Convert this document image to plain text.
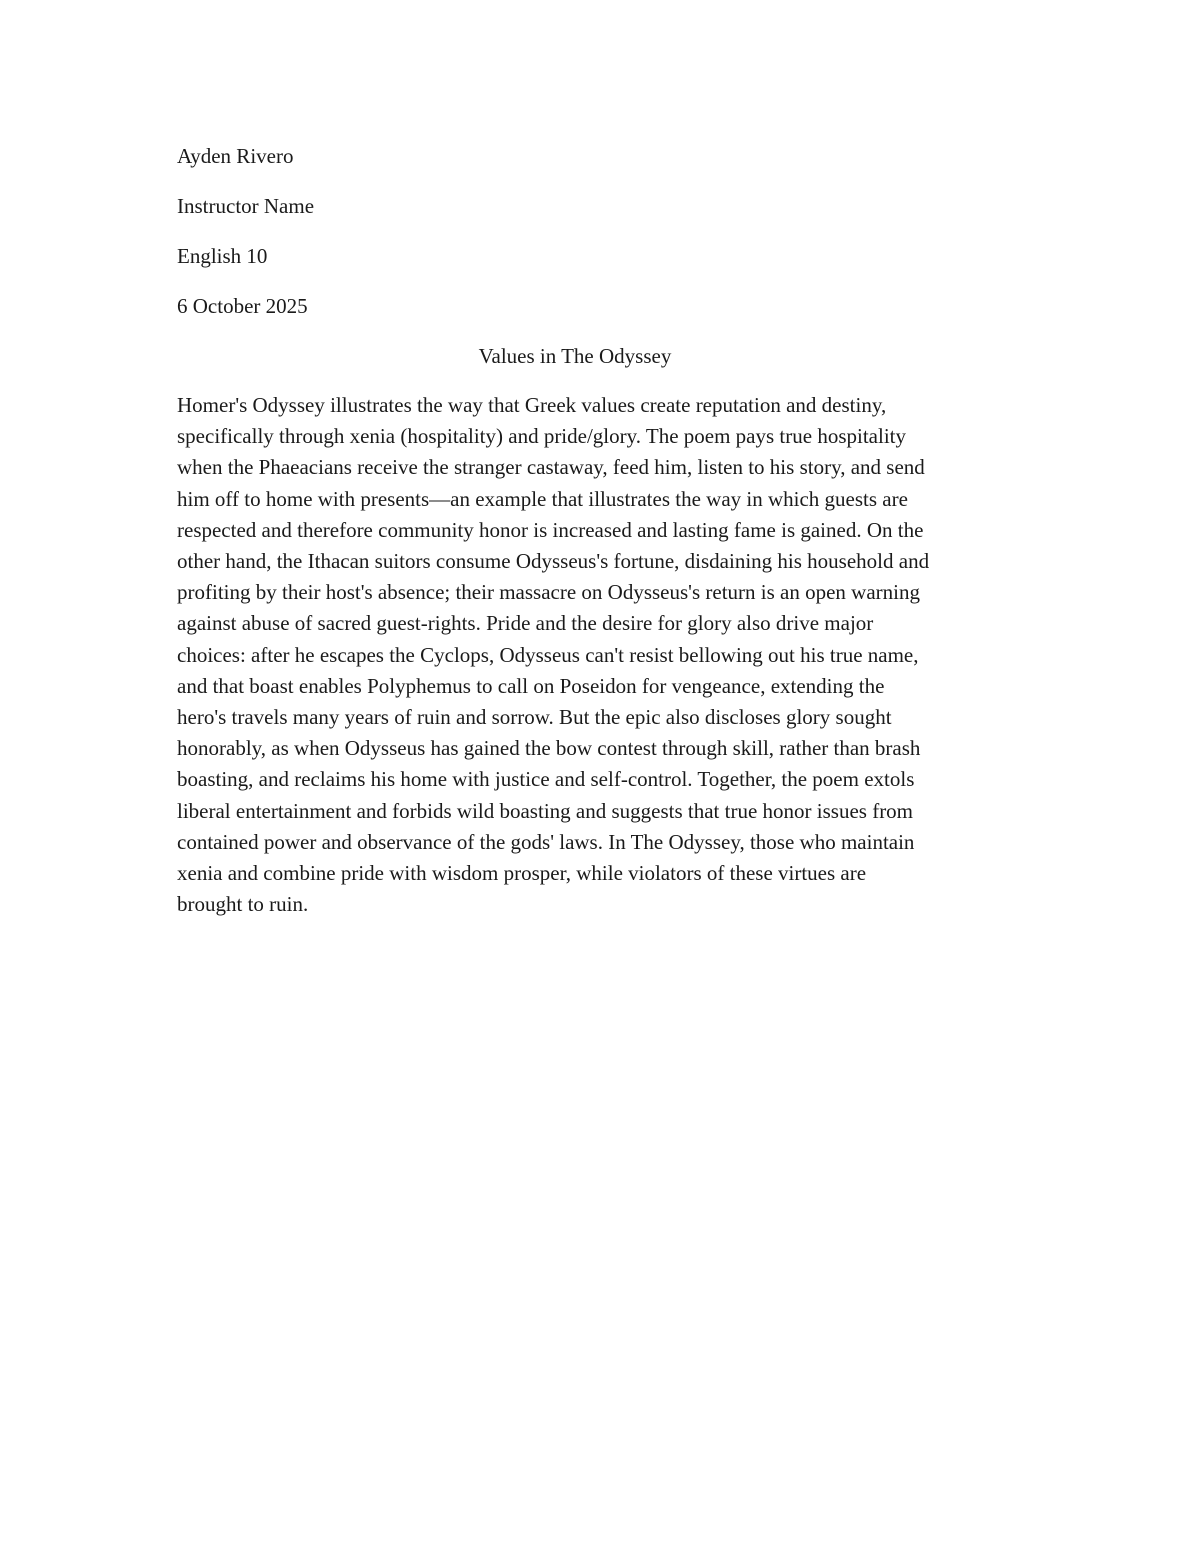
Ayden Rivero
Instructor Name
English 10
6 October 2025
Values in The Odyssey

Homer's Odyssey illustrates the way that Greek values create reputation and destiny,
specifically through xenia (hospitality) and pride/glory. The poem pays true hospitality
when the Phaeacians receive the stranger castaway, feed him, listen to his story, and send
him off to home with presents—an example that illustrates the way in which guests are
respected and therefore community honor is increased and lasting fame is gained. On the
other hand, the Ithacan suitors consume Odysseus's fortune, disdaining his household and
profiting by their host's absence; their massacre on Odysseus's return is an open warning
against abuse of sacred guest-rights. Pride and the desire for glory also drive major
choices: after he escapes the Cyclops, Odysseus can't resist bellowing out his true name,
and that boast enables Polyphemus to call on Poseidon for vengeance, extending the
hero's travels many years of ruin and sorrow. But the epic also discloses glory sought
honorably, as when Odysseus has gained the bow contest through skill, rather than brash
boasting, and reclaims his home with justice and self-control. Together, the poem extols
liberal entertainment and forbids wild boasting and suggests that true honor issues from
contained power and observance of the gods' laws. In The Odyssey, those who maintain
xenia and combine pride with wisdom prosper, while violators of these virtues are
brought to ruin.
